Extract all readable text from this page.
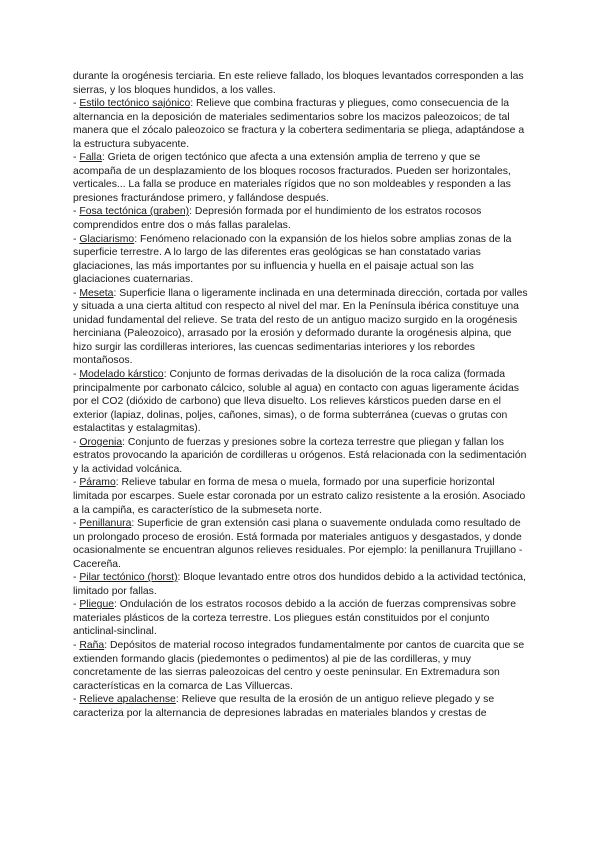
durante la orogénesis terciaria. En este relieve fallado, los bloques levantados corresponden a las sierras, y los bloques hundidos, a los valles.

- Estilo tectónico sajónico: Relieve que combina fracturas y pliegues, como consecuencia de la alternancia en la deposición de materiales sedimentarios sobre los macizos paleozoicos; de tal manera que el zócalo paleozoico se fractura y la cobertera sedimentaria se pliega, adaptándose a la estructura subyacente.

- Falla: Grieta de origen tectónico que afecta a una extensión amplia de terreno y que se acompaña de un desplazamiento de los bloques rocosos fracturados. Pueden ser horizontales, verticales... La falla se produce en materiales rígidos que no son moldeables y responden a las presiones fracturándose primero, y fallándose después.

- Fosa tectónica (graben): Depresión formada por el hundimiento de los estratos rocosos comprendidos entre dos o más fallas paralelas.

- Glaciarismo: Fenómeno relacionado con la expansión de los hielos sobre amplias zonas de la superficie terrestre. A lo largo de las diferentes eras geológicas se han constatado varias glaciaciones, las más importantes por su influencia y huella en el paisaje actual son las glaciaciones cuaternarias.

- Meseta: Superficie llana o ligeramente inclinada en una determinada dirección, cortada por valles y situada a una cierta altitud con respecto al nivel del mar. En la Península ibérica constituye una unidad fundamental del relieve. Se trata del resto de un antiguo macizo surgido en la orogénesis herciniana (Paleozoico), arrasado por la erosión y deformado durante la orogénesis alpina, que hizo surgir las cordilleras interiores, las cuencas sedimentarias interiores y los rebordes montañosos.

- Modelado kárstico: Conjunto de formas derivadas de la disolución de la roca caliza (formada principalmente por carbonato cálcico, soluble al agua) en contacto con aguas ligeramente ácidas por el CO2 (dióxido de carbono) que lleva disuelto. Los relieves kársticos pueden darse en el exterior (lapiaz, dolinas, poljes, cañones, simas), o de forma subterránea (cuevas o grutas con estalactitas y estalagmitas).

- Orogenia: Conjunto de fuerzas y presiones sobre la corteza terrestre que pliegan y fallan los estratos provocando la aparición de cordilleras u orógenos. Está relacionada con la sedimentación y la actividad volcánica.

- Páramo: Relieve tabular en forma de mesa o muela, formado por una superficie horizontal limitada por escarpes. Suele estar coronada por un estrato calizo resistente a la erosión. Asociado a la campiña, es característico de la submeseta norte.

- Penillanura: Superficie de gran extensión casi plana o suavemente ondulada como resultado de un prolongado proceso de erosión. Está formada por materiales antiguos y desgastados, y donde ocasionalmente se encuentran algunos relieves residuales. Por ejemplo: la penillanura Trujillano - Cacereña.

- Pilar tectónico (horst): Bloque levantado entre otros dos hundidos debido a la actividad tectónica, limitado por fallas.

- Pliegue: Ondulación de los estratos rocosos debido a la acción de fuerzas comprensivas sobre materiales plásticos de la corteza terrestre. Los pliegues están constituidos por el conjunto anticlinal-sinclinal.

- Raña: Depósitos de material rocoso integrados fundamentalmente por cantos de cuarcita que se extienden formando glacis (piedemontes o pedimentos) al pie de las cordilleras, y muy concretamente de las sierras paleozoicas del centro y oeste peninsular. En Extremadura son características en la comarca de Las Villuercas.

- Relieve apalachense: Relieve que resulta de la erosión de un antiguo relieve plegado y se caracteriza por la alternancia de depresiones labradas en materiales blandos y crestas de
